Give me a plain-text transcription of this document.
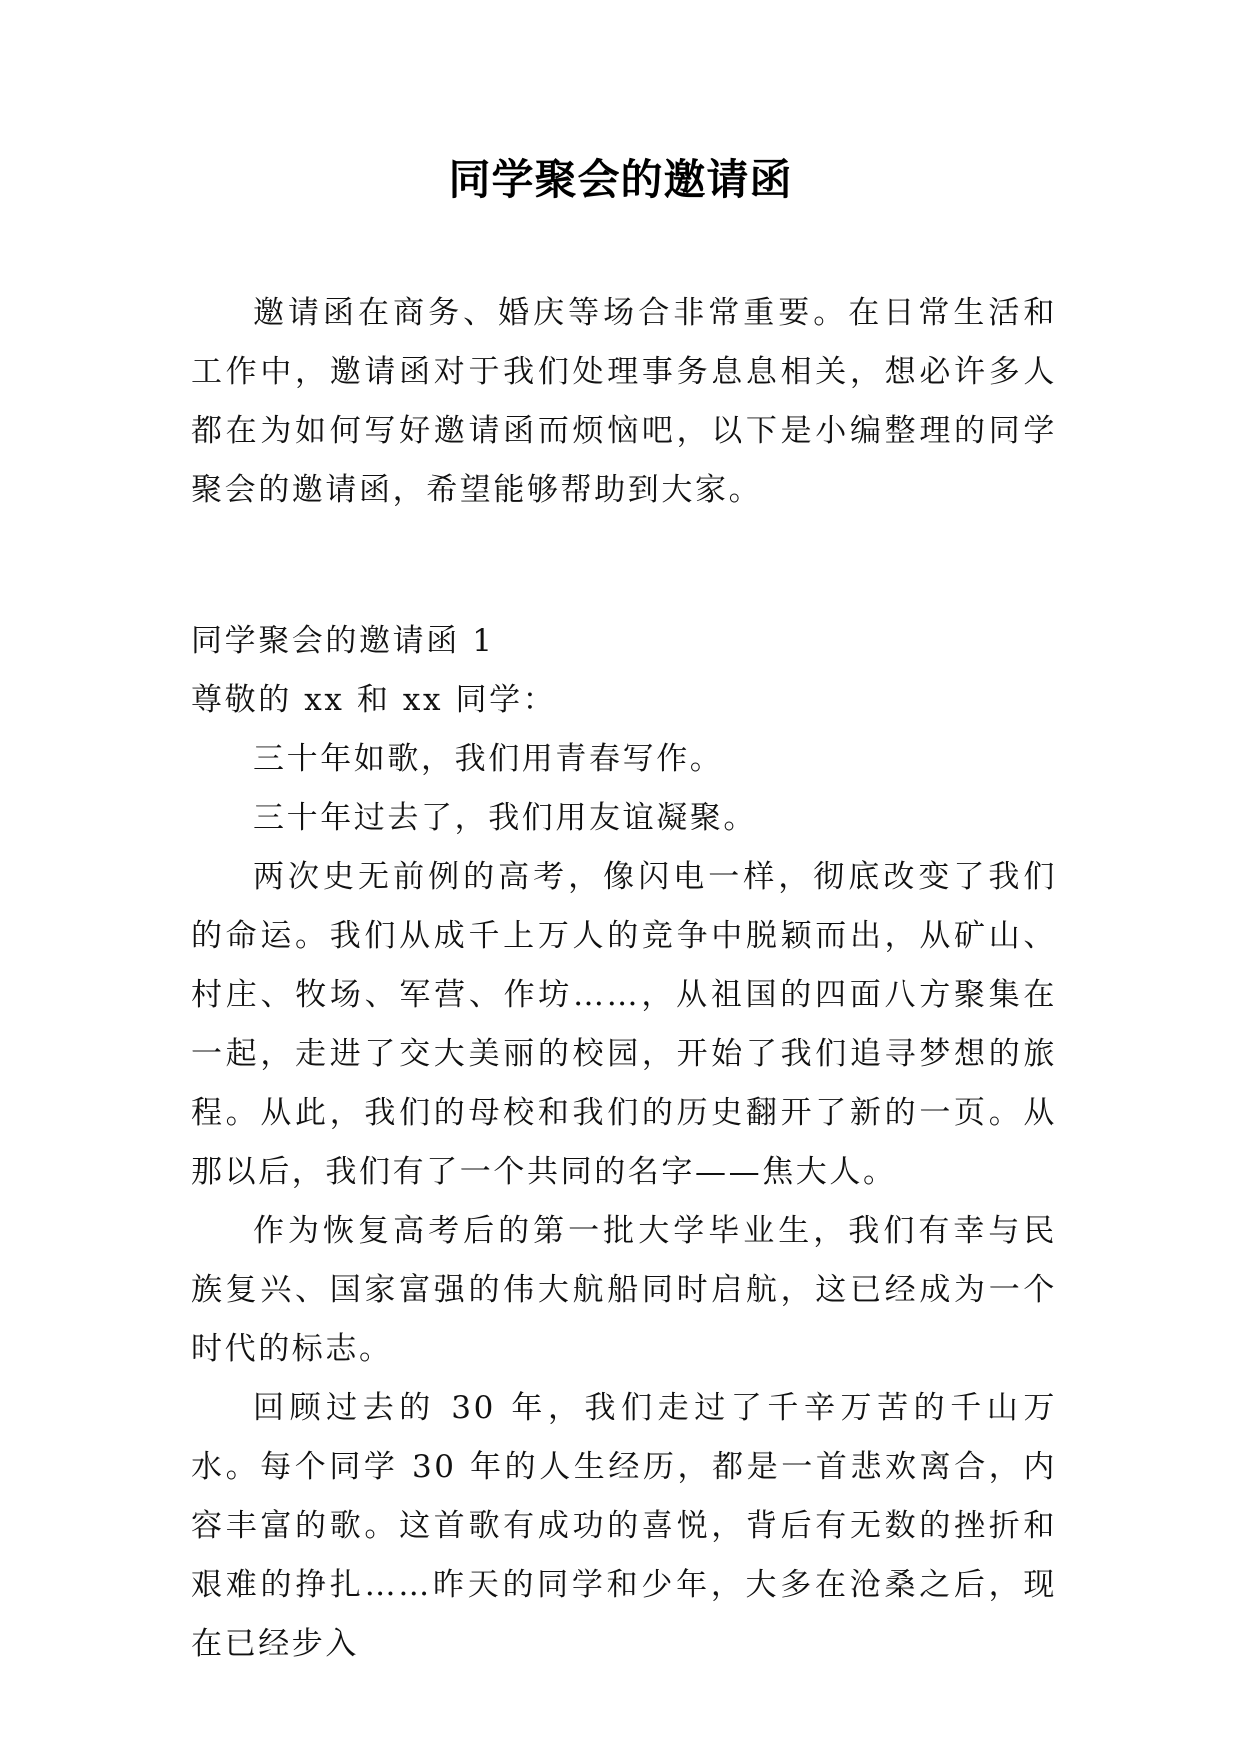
同学聚会的邀请函

邀请函在商务、婚庆等场合非常重要。在日常生活和工作中，邀请函对于我们处理事务息息相关，想必许多人都在为如何写好邀请函而烦恼吧，以下是小编整理的同学聚会的邀请函，希望能够帮助到大家。

同学聚会的邀请函 1

尊敬的 xx 和 xx 同学：

三十年如歌，我们用青春写作。

三十年过去了，我们用友谊凝聚。

两次史无前例的高考，像闪电一样，彻底改变了我们的命运。我们从成千上万人的竞争中脱颖而出，从矿山、村庄、牧场、军营、作坊……，从祖国的四面八方聚集在一起，走进了交大美丽的校园，开始了我们追寻梦想的旅程。从此，我们的母校和我们的历史翻开了新的一页。从那以后，我们有了一个共同的名字——焦大人。

作为恢复高考后的第一批大学毕业生，我们有幸与民族复兴、国家富强的伟大航船同时启航，这已经成为一个时代的标志。

回顾过去的 30 年，我们走过了千辛万苦的千山万水。每个同学 30 年的人生经历，都是一首悲欢离合，内容丰富的歌。这首歌有成功的喜悦，背后有无数的挫折和艰难的挣扎……昨天的同学和少年，大多在沧桑之后，现在已经步入
